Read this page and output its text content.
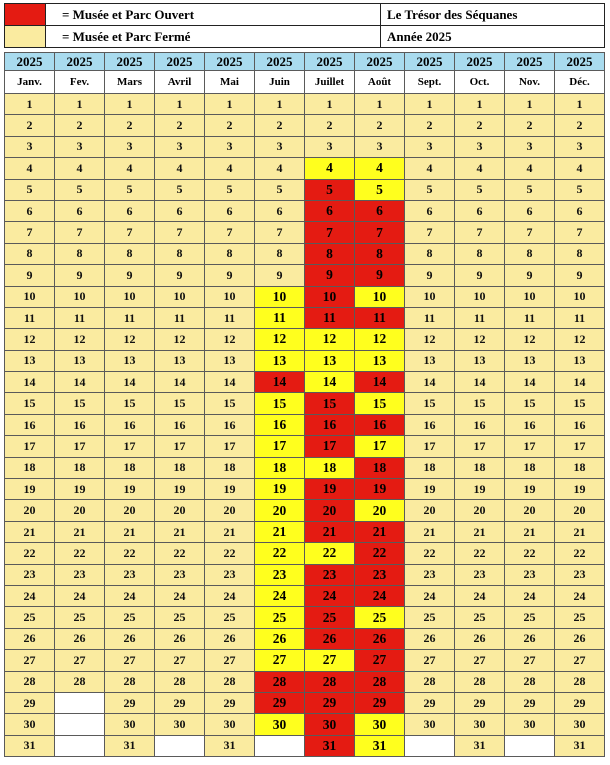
	= Musée et Parc Ouvert	Le Trésor des Séquanes
	= Musée et Parc Fermé	Année 2025
2025	2025	2025	2025	2025	2025	2025	2025	2025	2025	2025	2025
Janv.	Fev.	Mars	Avril	Mai	Juin	Juillet	Août	Sept.	Oct.	Nov.	Déc.
1	1	1	1	1	1	1	1	1	1	1	1
2	2	2	2	2	2	2	2	2	2	2	2
3	3	3	3	3	3	3	3	3	3	3	3
4	4	4	4	4	4	4	4	4	4	4	4
5	5	5	5	5	5	5	5	5	5	5	5
6	6	6	6	6	6	6	6	6	6	6	6
7	7	7	7	7	7	7	7	7	7	7	7
8	8	8	8	8	8	8	8	8	8	8	8
9	9	9	9	9	9	9	9	9	9	9	9
10	10	10	10	10	10	10	10	10	10	10	10
11	11	11	11	11	11	11	11	11	11	11	11
12	12	12	12	12	12	12	12	12	12	12	12
13	13	13	13	13	13	13	13	13	13	13	13
14	14	14	14	14	14	14	14	14	14	14	14
15	15	15	15	15	15	15	15	15	15	15	15
16	16	16	16	16	16	16	16	16	16	16	16
17	17	17	17	17	17	17	17	17	17	17	17
18	18	18	18	18	18	18	18	18	18	18	18
19	19	19	19	19	19	19	19	19	19	19	19
20	20	20	20	20	20	20	20	20	20	20	20
21	21	21	21	21	21	21	21	21	21	21	21
22	22	22	22	22	22	22	22	22	22	22	22
23	23	23	23	23	23	23	23	23	23	23	23
24	24	24	24	24	24	24	24	24	24	24	24
25	25	25	25	25	25	25	25	25	25	25	25
26	26	26	26	26	26	26	26	26	26	26	26
27	27	27	27	27	27	27	27	27	27	27	27
28	28	28	28	28	28	28	28	28	28	28	28
29		29	29	29	29	29	29	29	29	29	29
30		30	30	30	30	30	30	30	30	30	30
31		31		31		31	31		31		31
